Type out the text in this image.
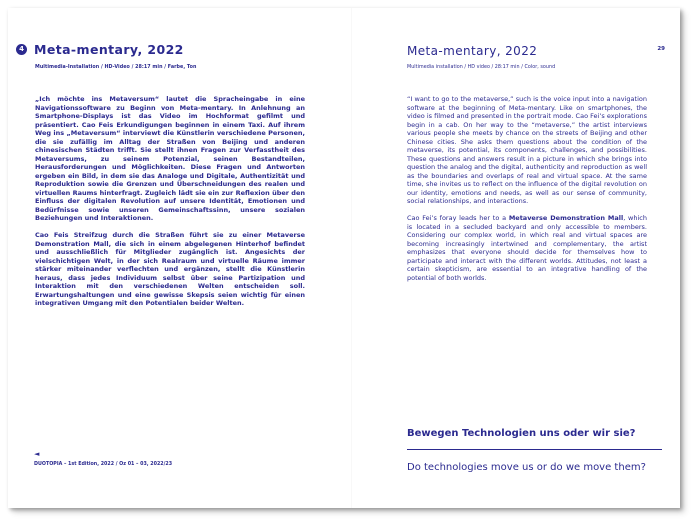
4 Meta-mentary, 2022
Multimedia-Installation / HD-Video / 28:17 min / Farbe, Ton

„Ich möchte ins Metaversum“ lautet die Spracheingabe in eine Navigationssoftware zu Beginn von Meta-mentary. In Anlehnung an Smartphone-Displays ist das Video im Hochformat gefilmt und präsentiert. Cao Feis Erkundigungen beginnen in einem Taxi. Auf ihrem Weg ins „Metaversum“ interviewt die Künstlerin verschiedene Personen, die sie zufällig im Alltag der Straßen von Beijing und anderen chinesischen Städten trifft. Sie stellt ihnen Fragen zur Verfasstheit des Metaversums, zu seinem Potenzial, seinen Bestandteilen, Herausforderungen und Möglichkeiten. Diese Fragen und Antworten ergeben ein Bild, in dem sie das Analoge und Digitale, Authentizität und Reproduktion sowie die Grenzen und Überschneidungen des realen und virtuellen Raums hinterfragt. Zugleich lädt sie ein zur Reflexion über den Einfluss der digitalen Revolution auf unsere Identität, Emotionen und Bedürfnisse sowie unseren Gemeinschaftssinn, unsere sozialen Beziehungen und Interaktionen.

Cao Feis Streifzug durch die Straßen führt sie zu einer Metaverse Demonstration Mall, die sich in einem abgelegenen Hinterhof befindet und ausschließlich für Mitglieder zugänglich ist. Angesichts der vielschichtigen Welt, in der sich Realraum und virtuelle Räume immer stärker miteinander verflechten und ergänzen, stellt die Künstlerin heraus, dass jedes Individuum selbst über seine Partizipation und Interaktion mit den verschiedenen Welten entscheiden soll. Erwartungshaltungen und eine gewisse Skepsis seien wichtig für einen integrativen Umgang mit den Potentialen beider Welten.

◄
DUOTOPIA – 1st Edition, 2022 / Oz 01 – 03, 2022/23
Meta-mentary, 2022	29
Multimedia installation / HD video / 28:17 min / Color, sound

“I want to go to the metaverse,” such is the voice input into a navigation software at the beginning of Meta-mentary. Like on smartphones, the video is filmed and presented in the portrait mode. Cao Fei’s explorations begin in a cab. On her way to the “metaverse,” the artist interviews various people she meets by chance on the streets of Beijing and other Chinese cities. She asks them questions about the condition of the metaverse, its potential, its components, challenges, and possibilities. These questions and answers result in a picture in which she brings into question the analog and the digital, authenticity and reproduction as well as the boundaries and overlaps of real and virtual space. At the same time, she invites us to reflect on the influence of the digital revolution on our identity, emotions and needs, as well as our sense of community, social relationships, and interactions.

Cao Fei’s foray leads her to a Metaverse Demonstration Mall, which is located in a secluded backyard and only accessible to members. Considering our complex world, in which real and virtual spaces are becoming increasingly intertwined and complementary, the artist emphasizes that everyone should decide for themselves how to participate and interact with the different worlds. Attitudes, not least a certain skepticism, are essential to an integrative handling of the potential of both worlds.

Bewegen Technologien uns oder wir sie?
Do technologies move us or do we move them?
